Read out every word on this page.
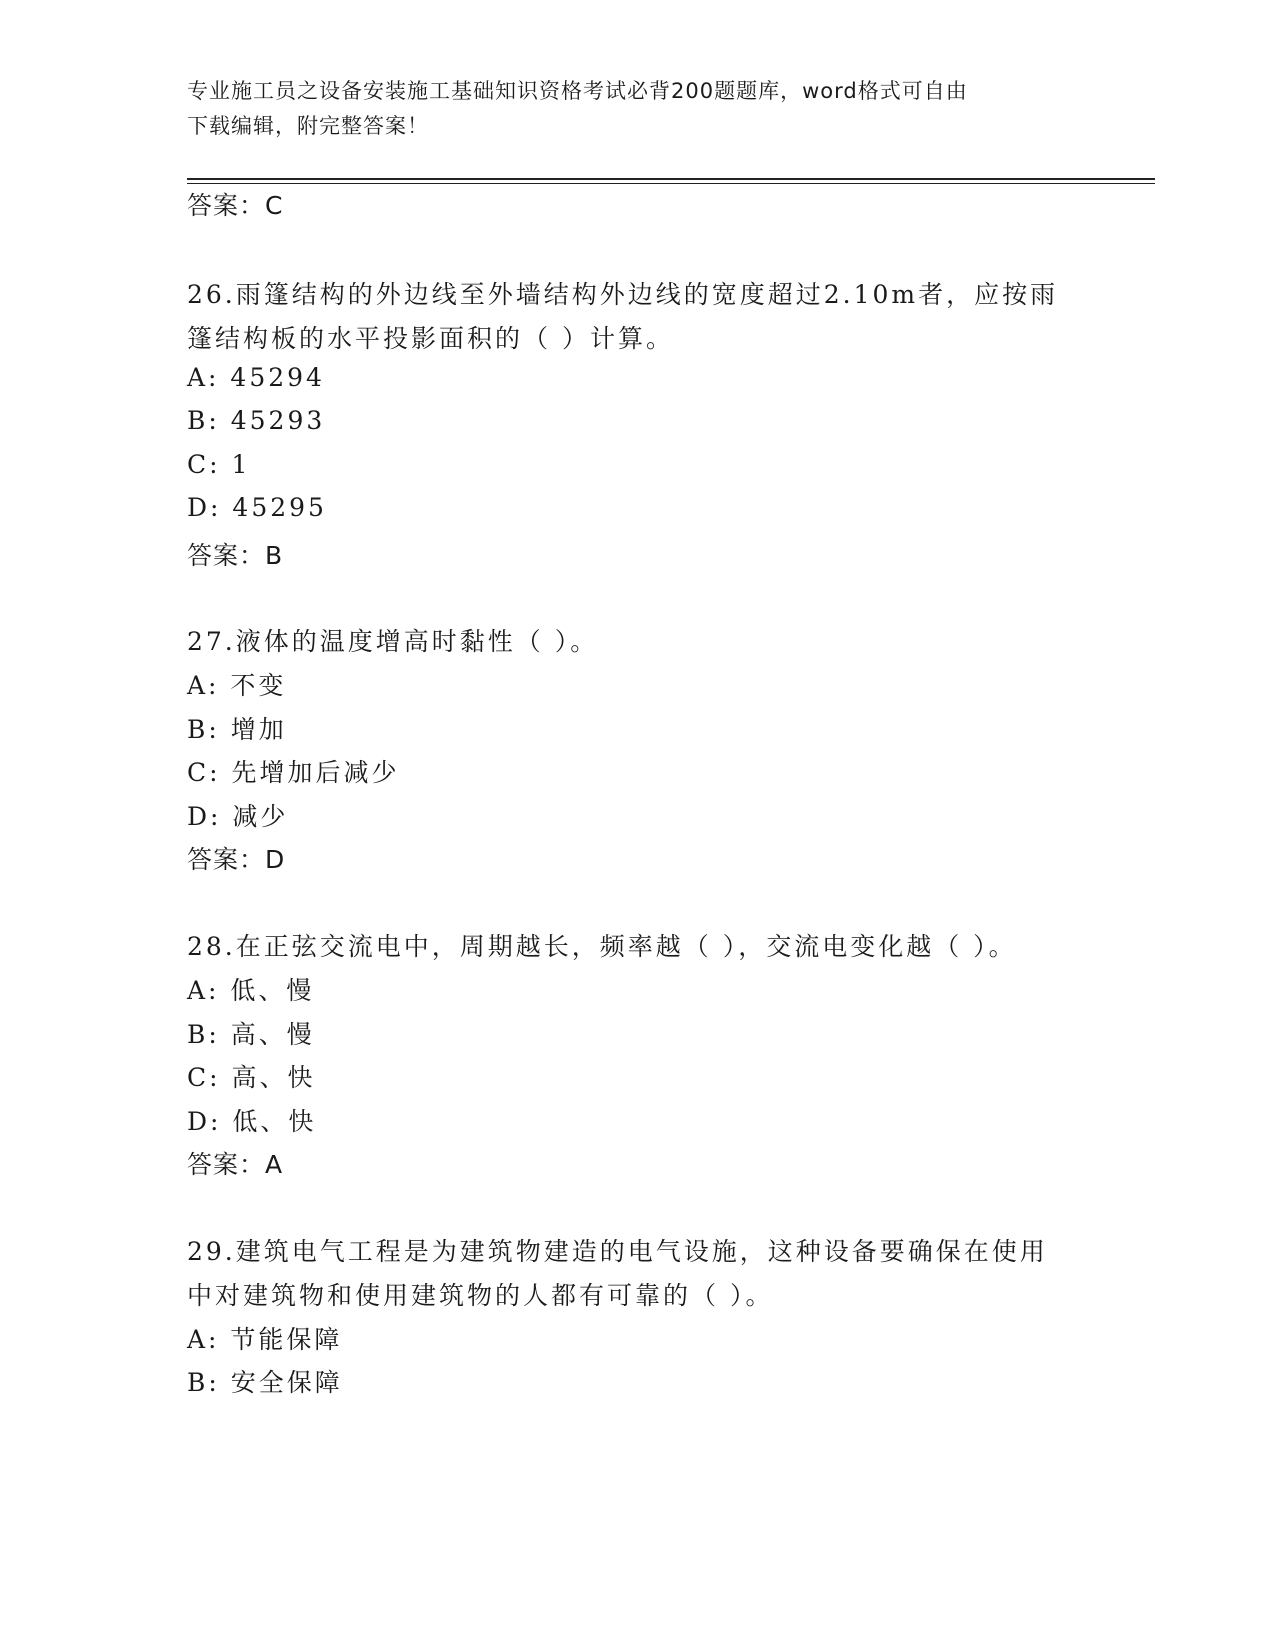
专业施工员之设备安装施工基础知识资格考试必背200题题库，word格式可自由
下载编辑，附完整答案！
答案：C
26.雨篷结构的外边线至外墙结构外边线的宽度超过2.10m者，应按雨
篷结构板的水平投影面积的（ ）计算。
A: 45294
B: 45293
C: 1
D: 45295
答案：B
27.液体的温度增高时黏性（ ）。
A: 不变
B: 增加
C: 先增加后减少
D: 减少
答案：D
28.在正弦交流电中，周期越长，频率越（ ），交流电变化越（ ）。
A: 低、慢
B: 高、慢
C: 高、快
D: 低、快
答案：A
29.建筑电气工程是为建筑物建造的电气设施，这种设备要确保在使用
中对建筑物和使用建筑物的人都有可靠的（ ）。
A: 节能保障
B: 安全保障
